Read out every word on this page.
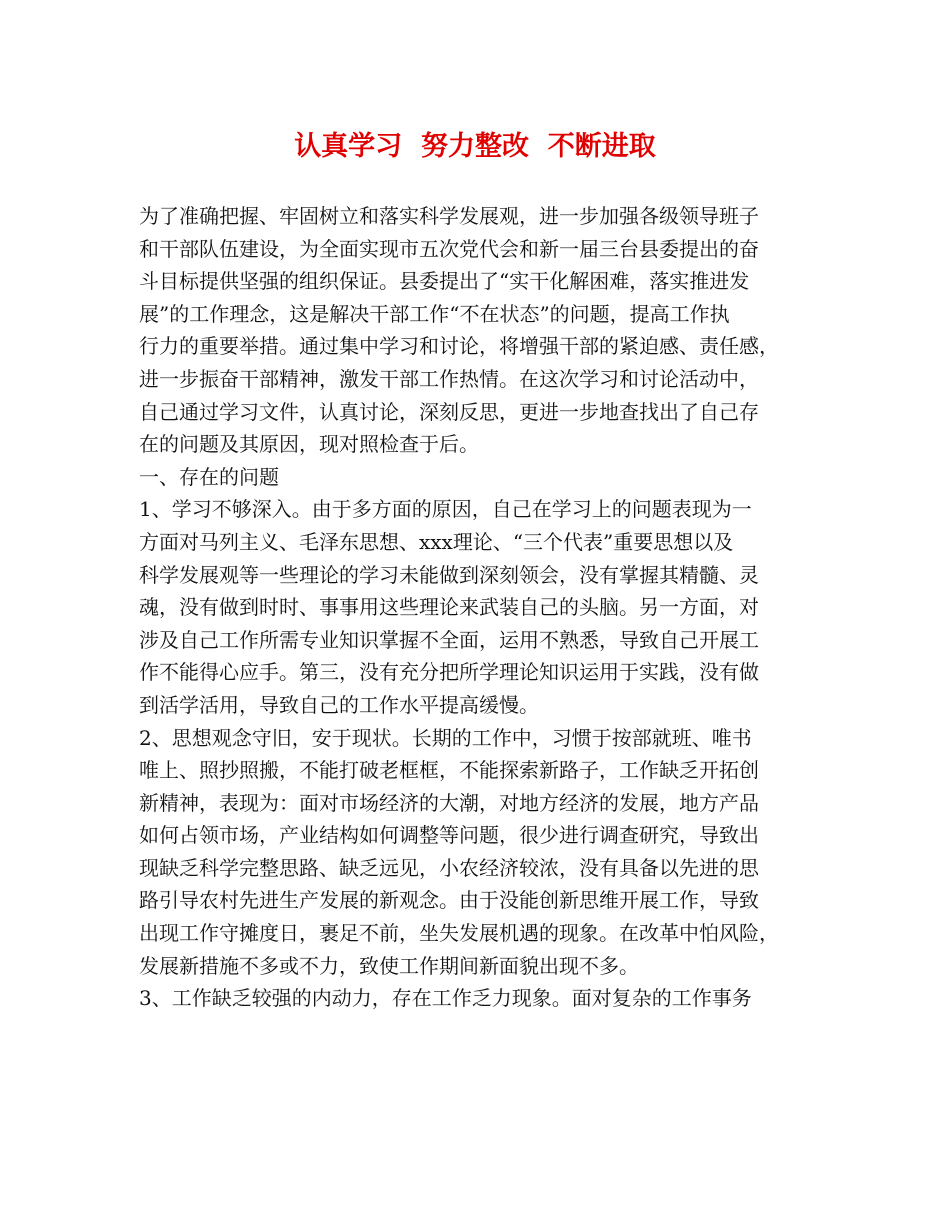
认真学习  努力整改  不断进取
为了准确把握、牢固树立和落实科学发展观，进一步加强各级领导班子
和干部队伍建设，为全面实现市五次党代会和新一届三台县委提出的奋
斗目标提供坚强的组织保证。县委提出了“实干化解困难，落实推进发
展”的工作理念，这是解决干部工作“不在状态”的问题，提高工作执
行力的重要举措。通过集中学习和讨论，将增强干部的紧迫感、责任感，
进一步振奋干部精神，激发干部工作热情。在这次学习和讨论活动中，
自己通过学习文件，认真讨论，深刻反思，更进一步地查找出了自己存
在的问题及其原因，现对照检查于后。
一、存在的问题
1、学习不够深入。由于多方面的原因，自己在学习上的问题表现为一
方面对马列主义、毛泽东思想、xxx理论、“三个代表”重要思想以及
科学发展观等一些理论的学习未能做到深刻领会，没有掌握其精髓、灵
魂，没有做到时时、事事用这些理论来武装自己的头脑。另一方面，对
涉及自己工作所需专业知识掌握不全面，运用不熟悉，导致自己开展工
作不能得心应手。第三，没有充分把所学理论知识运用于实践，没有做
到活学活用，导致自己的工作水平提高缓慢。
2、思想观念守旧，安于现状。长期的工作中，习惯于按部就班、唯书
唯上、照抄照搬，不能打破老框框，不能探索新路子，工作缺乏开拓创
新精神，表现为：面对市场经济的大潮，对地方经济的发展，地方产品
如何占领市场，产业结构如何调整等问题，很少进行调查研究，导致出
现缺乏科学完整思路、缺乏远见，小农经济较浓，没有具备以先进的思
路引导农村先进生产发展的新观念。由于没能创新思维开展工作，导致
出现工作守摊度日，裹足不前，坐失发展机遇的现象。在改革中怕风险，
发展新措施不多或不力，致使工作期间新面貌出现不多。
3、工作缺乏较强的内动力，存在工作乏力现象。面对复杂的工作事务
